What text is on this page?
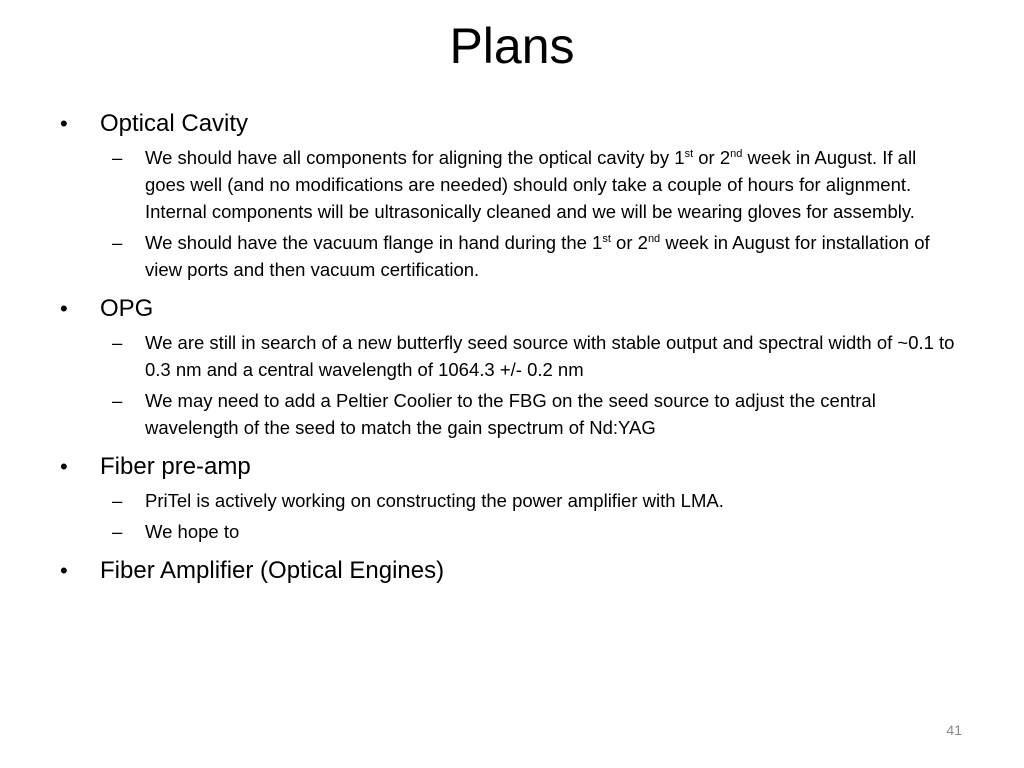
Plans
•	Optical Cavity
– We should have all components for aligning the optical cavity by 1st or 2nd week in August. If all goes well (and no modifications are needed) should only take a couple of hours for alignment. Internal components will be ultrasonically cleaned and we will be wearing gloves for assembly.
– We should have the vacuum flange in hand during the 1st or 2nd week in August for installation of view ports and then vacuum certification.
•	OPG
– We are still in search of a new butterfly seed source with stable output and spectral width of ~0.1 to 0.3 nm and a central wavelength of 1064.3 +/- 0.2 nm
– We may need to add a Peltier Coolier to the FBG on the seed source to adjust the central wavelength of the seed to match the gain spectrum of Nd:YAG
•	Fiber pre-amp
– PriTel is actively working on constructing the power amplifier with LMA.
– We hope to
•	Fiber Amplifier (Optical Engines)
41
